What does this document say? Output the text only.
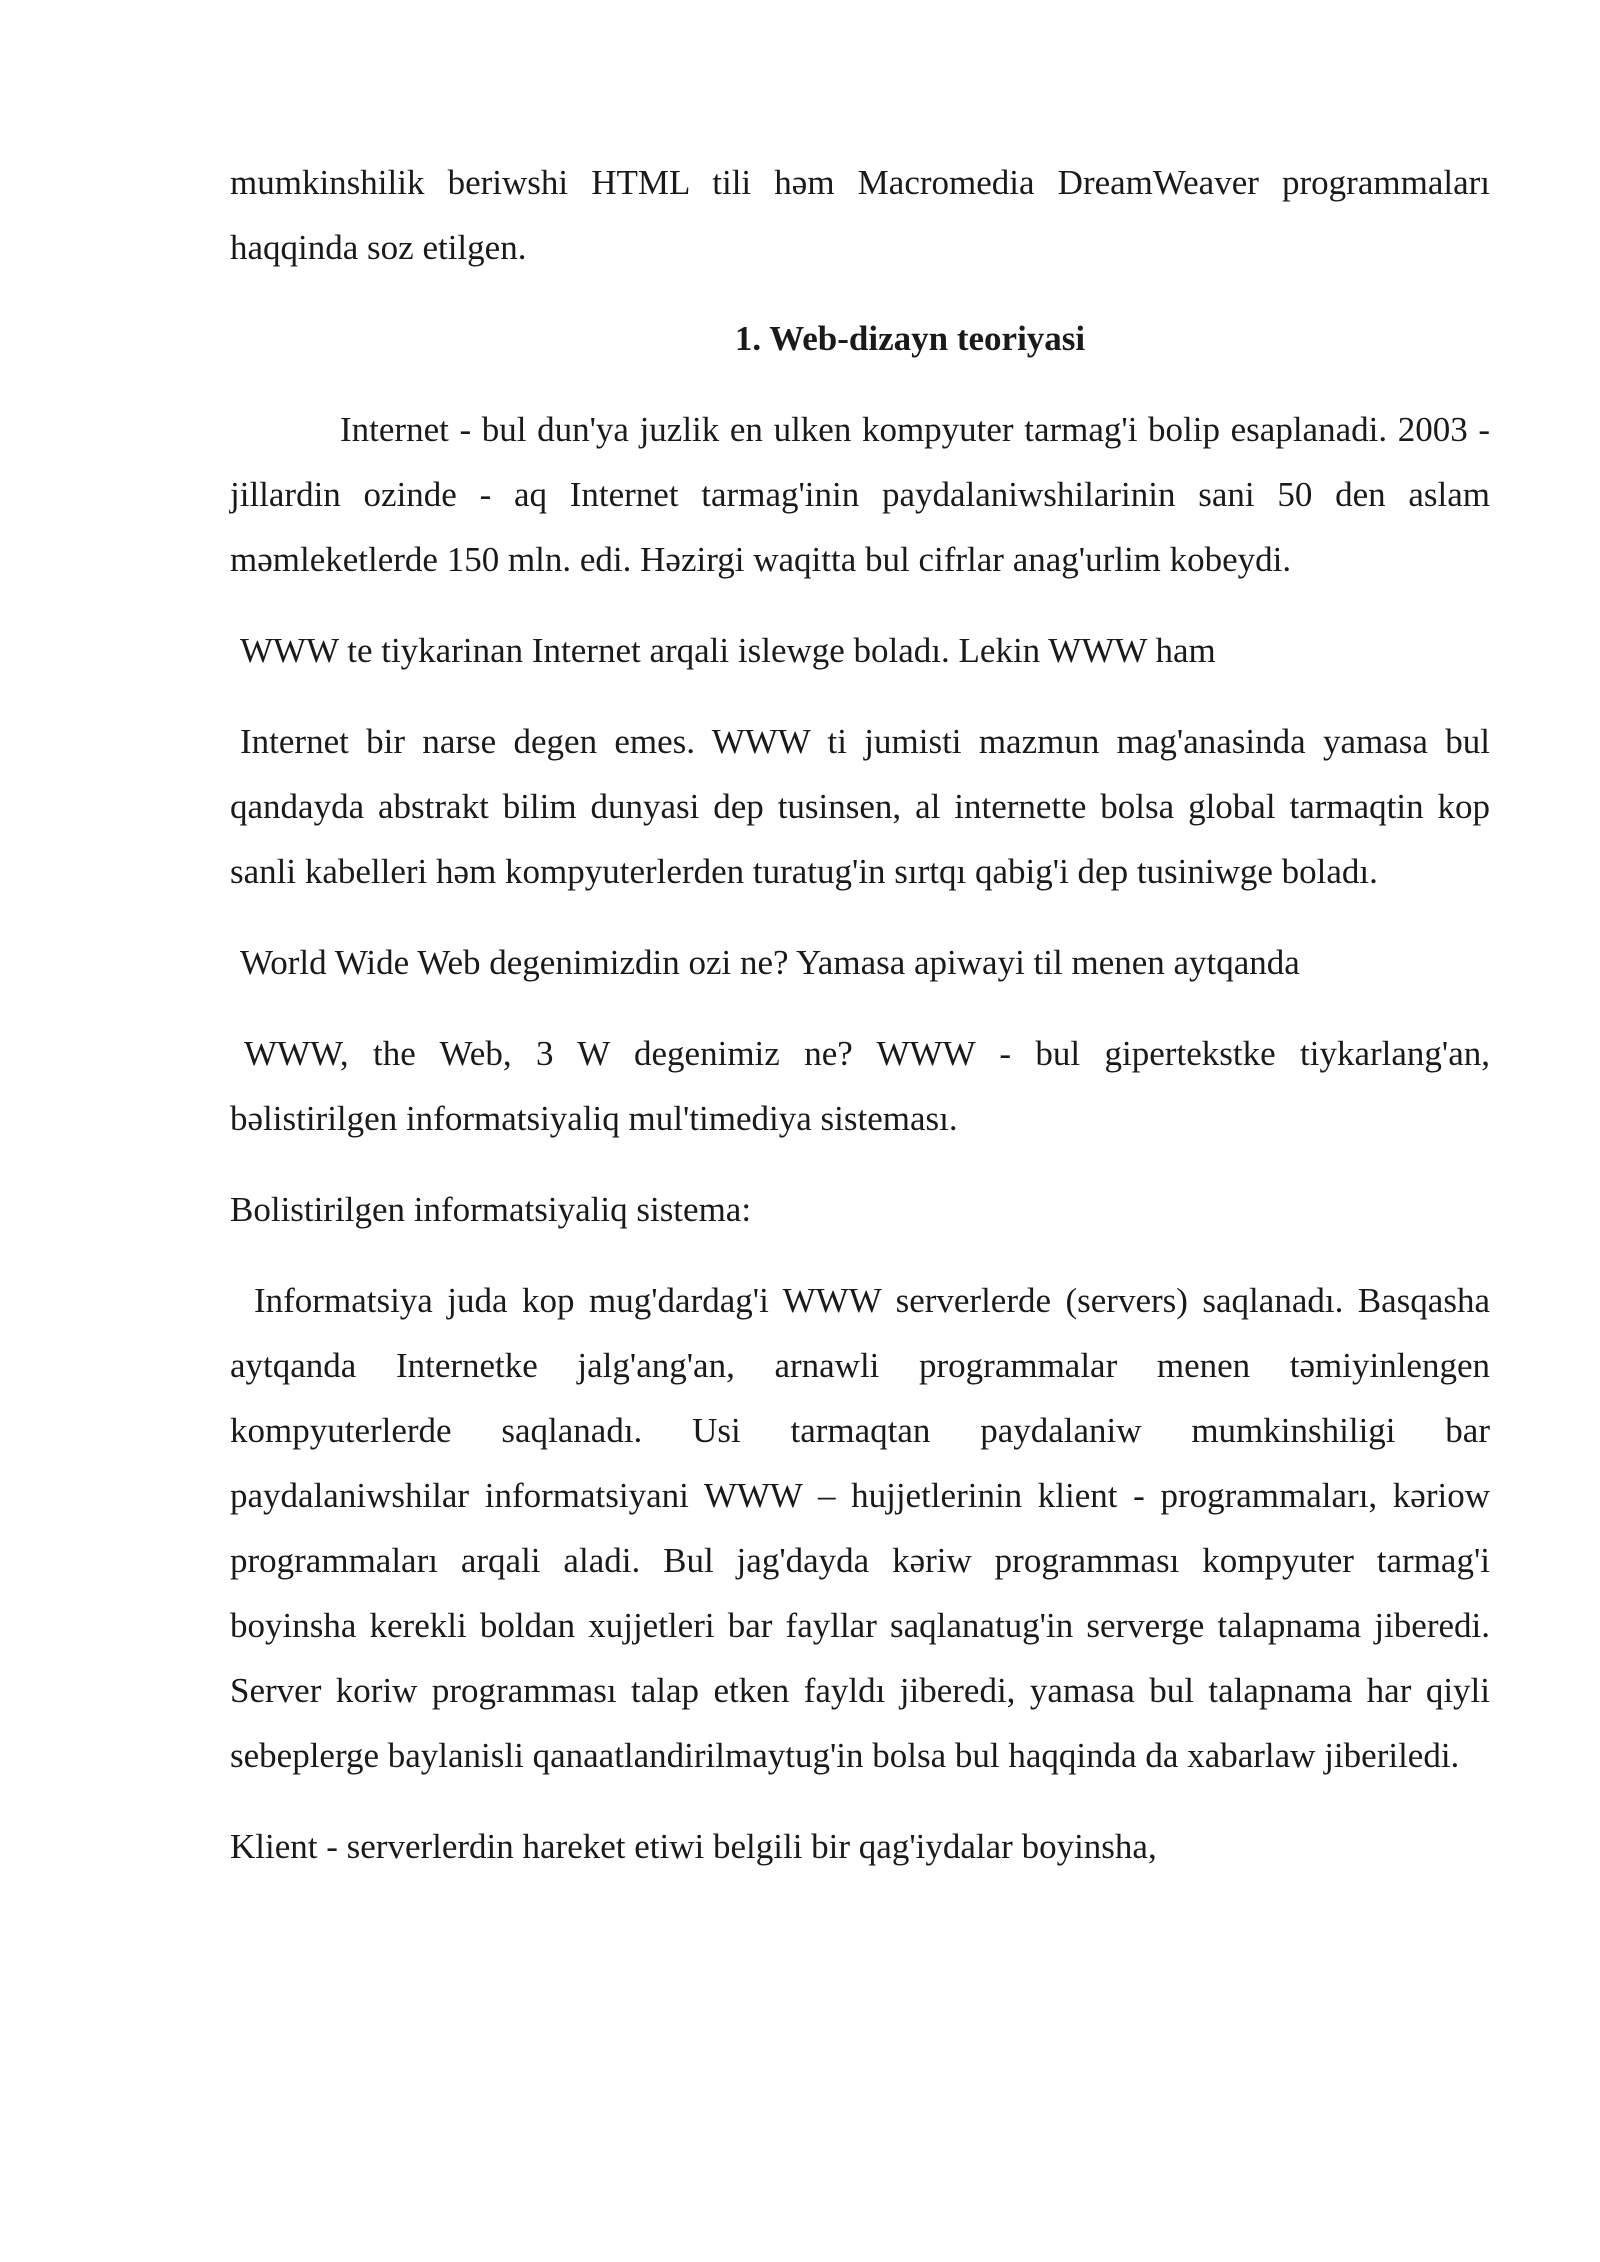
mumkinshilik beriwshi HTML tili həm Macromedia DreamWeaver programmaları haqqinda soz etilgen.

1. Web-dizayn teoriyasi

Internet - bul dun'ya juzlik en ulken kompyuter tarmag'i bolip esaplanadi. 2003 - jillardin ozinde - aq Internet tarmag'inin paydalaniwshilarinin sani 50 den aslam məmleketlerde 150 mln. edi. Həzirgi waqitta bul cifrlar anag'urlim kobeydi.

WWW te tiykarinan Internet arqali islewge boladı. Lekin WWW ham

Internet bir narse degen emes. WWW ti jumisti mazmun mag'anasinda yamasa bul qandayda abstrakt bilim dunyasi dep tusinsen, al internette bolsa global tarmaqtin kop sanli kabelleri həm kompyuterlerden turatug'in sırtqı qabig'i dep tusiniwge boladı.

World Wide Web degenimizdin ozi ne? Yamasa apiwayi til menen aytqanda

WWW, the Web, 3 W degenimiz ne? WWW - bul gipertekstke tiykarlang'an, bəlistirilgen informatsiyaliq mul'timediya sisteması.

Bolistirilgen informatsiyaliq sistema:

Informatsiya juda kop mug'dardag'i WWW serverlerde (servers) saqlanadı. Basqasha aytqanda Internetke jalg'ang'an, arnawli programmalar menen təmiyinlengen kompyuterlerde saqlanadı. Usi tarmaqtan paydalaniw mumkinshiligi bar paydalaniwshilar informatsiyani WWW – hujjetlerinin klient - programmaları, kəriow programmaları arqali aladi. Bul jag'dayda kəriw programması kompyuter tarmag'i boyinsha kerekli boldan xujjetleri bar fayllar saqlanatug'in serverge talapnama jiberedi. Server koriw programması talap etken fayldı jiberedi, yamasa bul talapnama har qiyli sebeplerge baylanisli qanaatlandirilmaytug'in bolsa bul haqqinda da xabarlaw jiberiledi.

Klient - serverlerdin hareket etiwi belgili bir qag'iydalar boyinsha,
